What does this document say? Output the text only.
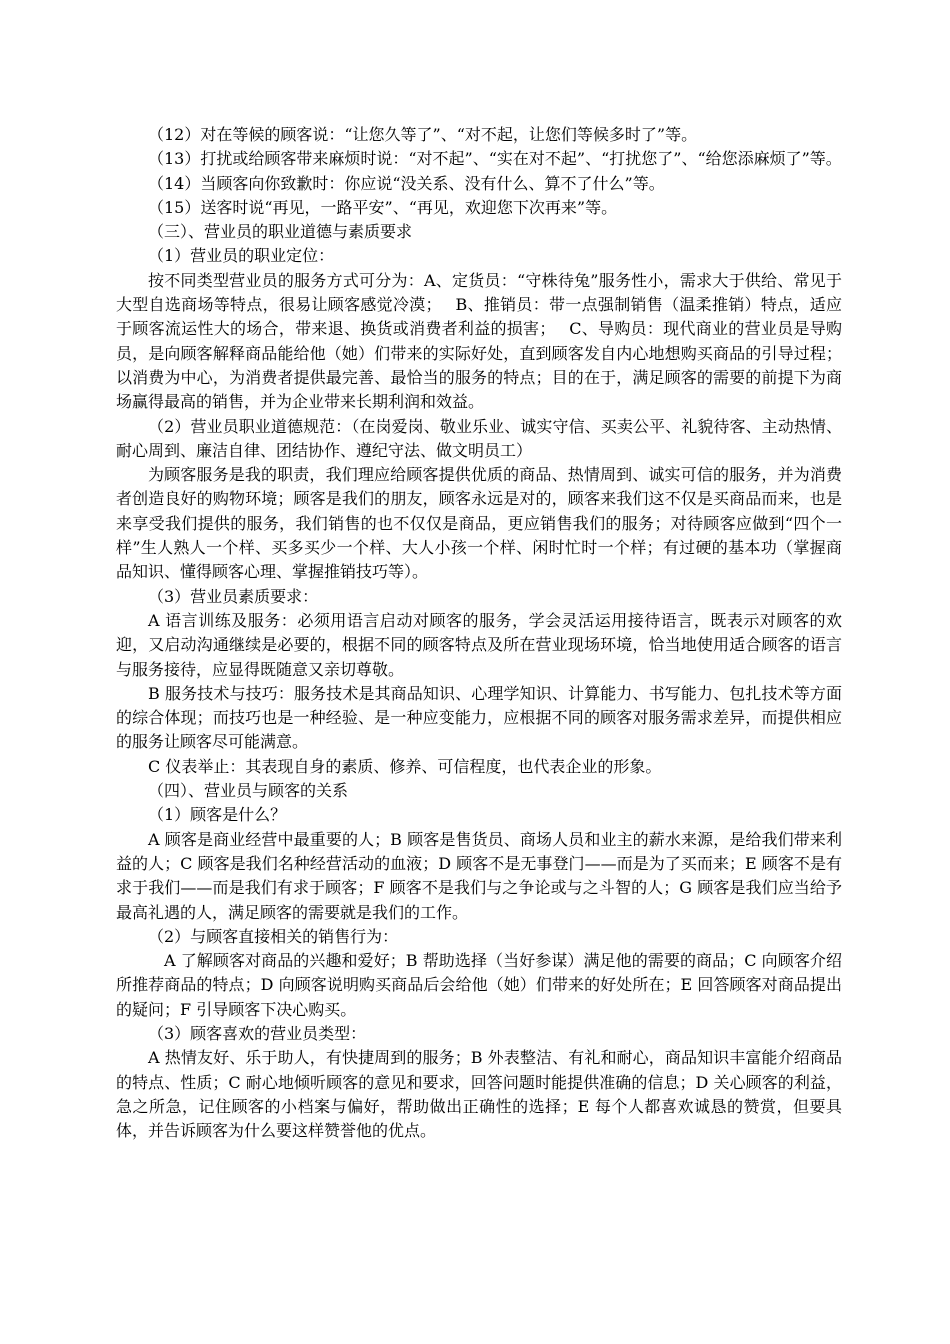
（12）对在等候的顾客说：“让您久等了”、“对不起，让您们等候多时了”等。

（13）打扰或给顾客带来麻烦时说：“对不起”、“实在对不起”、“打扰您了”、“给您添麻烦了”等。

（14）当顾客向你致歉时：你应说“没关系、没有什么、算不了什么”等。

（15）送客时说“再见，一路平安”、“再见，欢迎您下次再来”等。

（三）、营业员的职业道德与素质要求

（1）营业员的职业定位：

按不同类型营业员的服务方式可分为：A、定货员：“守株待兔”服务性小，需求大于供给、常见于大型自选商场等特点，很易让顾客感觉冷漠；　 B、推销员：带一点强制销售（温柔推销）特点，适应于顾客流运性大的场合，带来退、换货或消费者利益的损害；　 C、导购员：现代商业的营业员是导购员，是向顾客解释商品能给他（她）们带来的实际好处，直到顾客发自内心地想购买商品的引导过程；以消费为中心，为消费者提供最完善、最恰当的服务的特点；目的在于，满足顾客的需要的前提下为商场赢得最高的销售，并为企业带来长期利润和效益。

（2）营业员职业道德规范：（在岗爱岗、敬业乐业、诚实守信、买卖公平、礼貌待客、主动热情、耐心周到、廉洁自律、团结协作、遵纪守法、做文明员工）

为顾客服务是我的职责，我们理应给顾客提供优质的商品、热情周到、诚实可信的服务，并为消费者创造良好的购物环境；顾客是我们的朋友，顾客永远是对的，顾客来我们这不仅是买商品而来，也是来享受我们提供的服务，我们销售的也不仅仅是商品，更应销售我们的服务；对待顾客应做到“四个一样”生人熟人一个样、买多买少一个样、大人小孩一个样、闲时忙时一个样；有过硬的基本功（掌握商品知识、懂得顾客心理、掌握推销技巧等）。

（3）营业员素质要求：

A 语言训练及服务：必须用语言启动对顾客的服务，学会灵活运用接待语言，既表示对顾客的欢迎，又启动沟通继续是必要的，根据不同的顾客特点及所在营业现场环境，恰当地使用适合顾客的语言与服务接待，应显得既随意又亲切尊敬。

B 服务技术与技巧：服务技术是其商品知识、心理学知识、计算能力、书写能力、包扎技术等方面的综合体现；而技巧也是一种经验、是一种应变能力，应根据不同的顾客对服务需求差异，而提供相应的服务让顾客尽可能满意。

C 仪表举止：其表现自身的素质、修养、可信程度，也代表企业的形象。

（四）、营业员与顾客的关系

（1）顾客是什么？

A 顾客是商业经营中最重要的人；B 顾客是售货员、商场人员和业主的薪水来源，是给我们带来利益的人；C 顾客是我们名种经营活动的血液；D 顾客不是无事登门——而是为了买而来；E 顾客不是有求于我们——而是我们有求于顾客；F 顾客不是我们与之争论或与之斗智的人；G 顾客是我们应当给予最高礼遇的人，满足顾客的需要就是我们的工作。

（2）与顾客直接相关的销售行为：

A 了解顾客对商品的兴趣和爱好；B 帮助选择（当好参谋）满足他的需要的商品；C 向顾客介绍所推荐商品的特点；D 向顾客说明购买商品后会给他（她）们带来的好处所在；E 回答顾客对商品提出的疑问；F 引导顾客下决心购买。

（3）顾客喜欢的营业员类型：

A 热情友好、乐于助人，有快捷周到的服务；B 外表整洁、有礼和耐心，商品知识丰富能介绍商品的特点、性质；C 耐心地倾听顾客的意见和要求，回答问题时能提供准确的信息；D 关心顾客的利益，急之所急，记住顾客的小档案与偏好，帮助做出正确性的选择；E 每个人都喜欢诚恳的赞赏，但要具体，并告诉顾客为什么要这样赞誉他的优点。
